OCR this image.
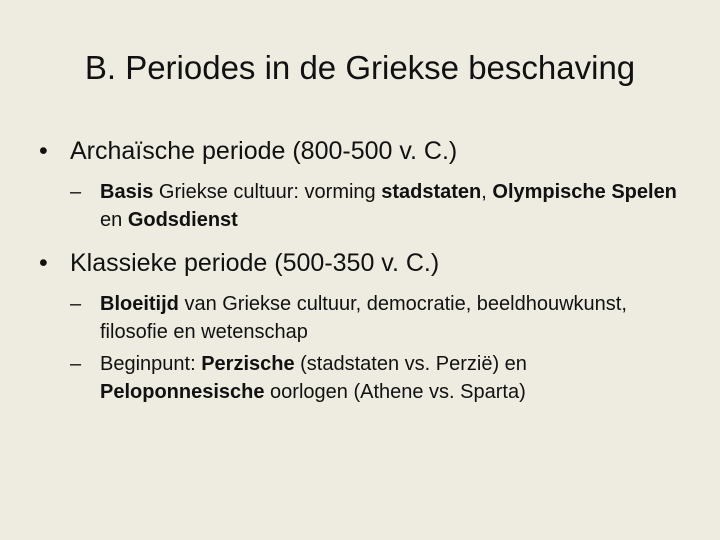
B. Periodes in de Griekse beschaving

• Archaïsche periode (800-500 v. C.)

– Basis Griekse cultuur: vorming stadstaten, Olympische Spelen en Godsdienst

• Klassieke periode (500-350 v. C.)

– Bloeitijd van Griekse cultuur, democratie, beeldhouwkunst, filosofie en wetenschap
– Beginpunt: Perzische (stadstaten vs. Perzië) en Peloponnesische oorlogen (Athene vs. Sparta)
